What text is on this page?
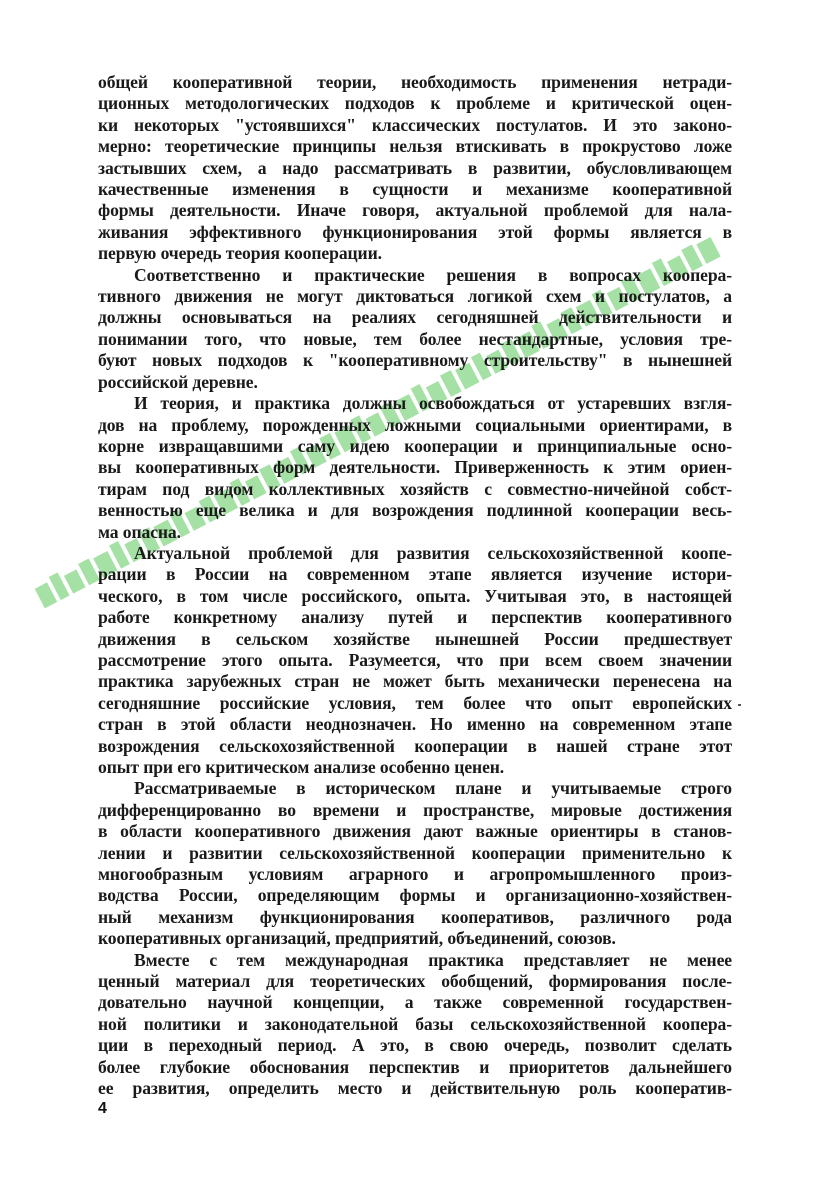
общей кооперативной теории, необходимость применения нетради-
ционных методологических подходов к проблеме и критической оцен-
ки некоторых "устоявшихся" классических постулатов. И это законо-
мерно: теоретические принципы нельзя втискивать в прокрустово ложе
застывших схем, а надо рассматривать в развитии, обусловливающем
качественные изменения в сущности и механизме кооперативной
формы деятельности. Иначе говоря, актуальной проблемой для нала-
живания эффективного функционирования этой формы является в
первую очередь теория кооперации.

Соответственно и практические решения в вопросах коопера-
тивного движения не могут диктоваться логикой схем и постулатов, а
должны основываться на реалиях сегодняшней действительности и
понимании того, что новые, тем более нестандартные, условия тре-
буют новых подходов к "кооперативному строительству" в нынешней
российской деревне.

И теория, и практика должны освобождаться от устаревших взгля-
дов на проблему, порожденных ложными социальными ориентирами, в
корне извращавшими саму идею кооперации и принципиальные осно-
вы кооперативных форм деятельности. Приверженность к этим ориен-
тирам под видом коллективных хозяйств с совместно-ничейной собст-
венностью еще велика и для возрождения подлинной кооперации весь-
ма опасна.

Актуальной проблемой для развития сельскохозяйственной коопе-
рации в России на современном этапе является изучение истори-
ческого, в том числе российского, опыта. Учитывая это, в настоящей
работе конкретному анализу путей и перспектив кооперативного
движения в сельском хозяйстве нынешней России предшествует
рассмотрение этого опыта. Разумеется, что при всем своем значении
практика зарубежных стран не может быть механически перенесена на
сегодняшние российские условия, тем более что опыт европейских
стран в этой области неоднозначен. Но именно на современном этапе
возрождения сельскохозяйственной кооперации в нашей стране этот
опыт при его критическом анализе особенно ценен.

Рассматриваемые в историческом плане и учитываемые строго
дифференцированно во времени и пространстве, мировые достижения
в области кооперативного движения дают важные ориентиры в станов-
лении и развитии сельскохозяйственной кооперации применительно к
многообразным условиям аграрного и агропромышленного произ-
водства России, определяющим формы и организационно-хозяйствен-
ный механизм функционирования кооперативов, различного рода
кооперативных организаций, предприятий, объединений, союзов.

Вместе с тем международная практика представляет не менее
ценный материал для теоретических обобщений, формирования после-
довательно научной концепции, а также современной государствен-
ной политики и законодательной базы сельскохозяйственной коопера-
ции в переходный период. А это, в свою очередь, позволит сделать
более глубокие обоснования перспектив и приоритетов дальнейшего
ее развития, определить место и действительную роль кооператив-

4
